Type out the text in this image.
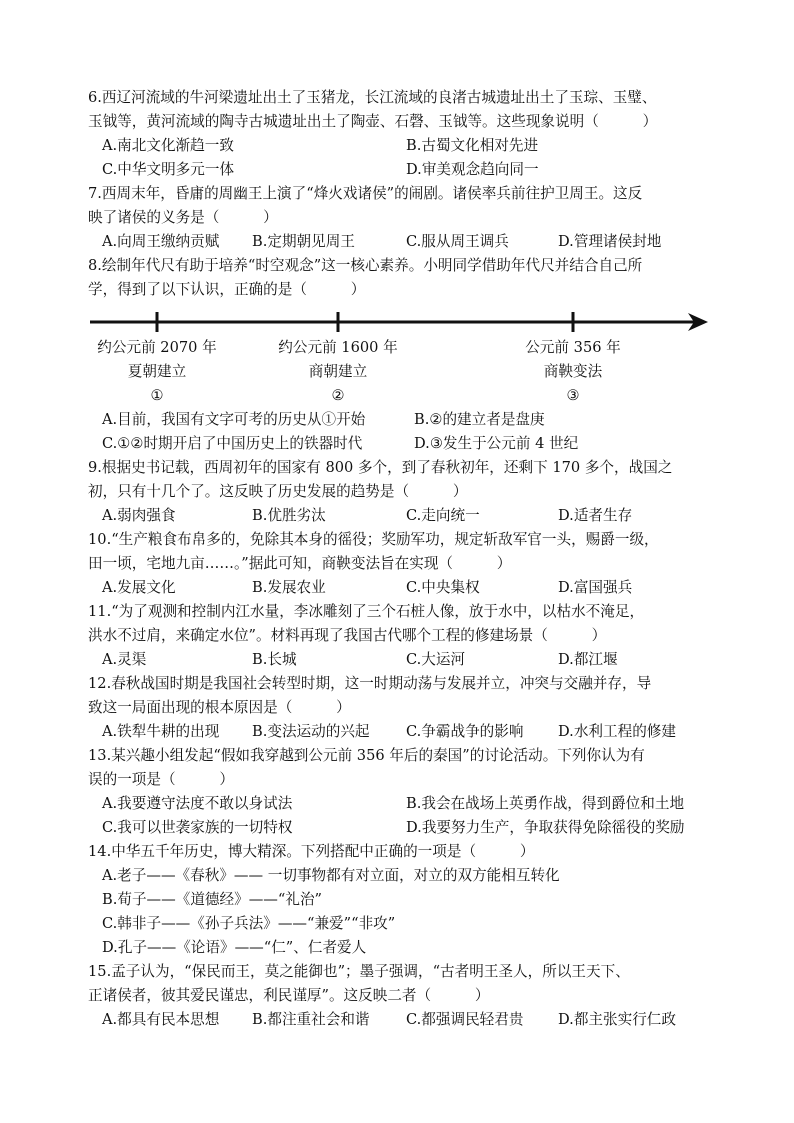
6.西辽河流域的牛河梁遗址出土了玉猪龙，长江流域的良渚古城遗址出土了玉琮、玉璧、
玉钺等，黄河流域的陶寺古城遗址出土了陶壶、石磬、玉钺等。这些现象说明（　　　）
A.南北文化渐趋一致	B.古蜀文化相对先进
C.中华文明多元一体	D.审美观念趋向同一
7.西周末年，昏庸的周幽王上演了“烽火戏诸侯”的闹剧。诸侯率兵前往护卫周王。这反
映了诸侯的义务是（　　　）
A.向周王缴纳贡赋 B.定期朝见周王	C.服从周王调兵	D.管理诸侯封地
8.绘制年代尺有助于培养“时空观念”这一核心素养。小明同学借助年代尺并结合自己所
学，得到了以下认识，正确的是（　　　）
约公元前 2070 年
夏朝建立
①
约公元前 1600 年
商朝建立
②
公元前 356 年
商鞅变法
③
A.目前，我国有文字可考的历史从①开始	B.②的建立者是盘庚
C.①②时期开启了中国历史上的铁器时代	D.③发生于公元前 4 世纪
9.根据史书记载，西周初年的国家有 800 多个，到了春秋初年，还剩下 170 多个，战国之
初，只有十几个了。这反映了历史发展的趋势是（　　　）
A.弱肉强食	B.优胜劣汰	C.走向统一	D.适者生存
10.“生产粮食布帛多的，免除其本身的徭役；奖励军功，规定斩敌军官一头，赐爵一级，
田一顷，宅地九亩……。”据此可知，商鞅变法旨在实现（　　　）
A.发展文化	B.发展农业	C.中央集权	D.富国强兵
11.“为了观测和控制内江水量，李冰雕刻了三个石桩人像，放于水中，以枯水不淹足，
洪水不过肩，来确定水位”。材料再现了我国古代哪个工程的修建场景（　　　）
A.灵渠	B.长城	C.大运河	D.都江堰
12.春秋战国时期是我国社会转型时期，这一时期动荡与发展并立，冲突与交融并存，导
致这一局面出现的根本原因是（　　　）
A.铁犁牛耕的出现 B.变法运动的兴起 C.争霸战争的影响 D.水利工程的修建
13.某兴趣小组发起“假如我穿越到公元前 356 年后的秦国”的讨论活动。下列你认为有
误的一项是（　　　）
A.我要遵守法度不敢以身试法	B.我会在战场上英勇作战，得到爵位和土地
C.我可以世袭家族的一切特权	D.我要努力生产，争取获得免除徭役的奖励
14.中华五千年历史，博大精深。下列搭配中正确的一项是（　　　）
A.老子——《春秋》—— 一切事物都有对立面，对立的双方能相互转化
B.荀子——《道德经》——“礼治”
C.韩非子——《孙子兵法》——“兼爱”“非攻”
D.孔子——《论语》——“仁”、仁者爱人
15.孟子认为，“保民而王，莫之能御也”；墨子强调，“古者明王圣人，所以王天下、
正诸侯者，彼其爱民谨忠，利民谨厚”。这反映二者（　　　）
A.都具有民本思想 B.都注重社会和谐 C.都强调民轻君贵 D.都主张实行仁政
